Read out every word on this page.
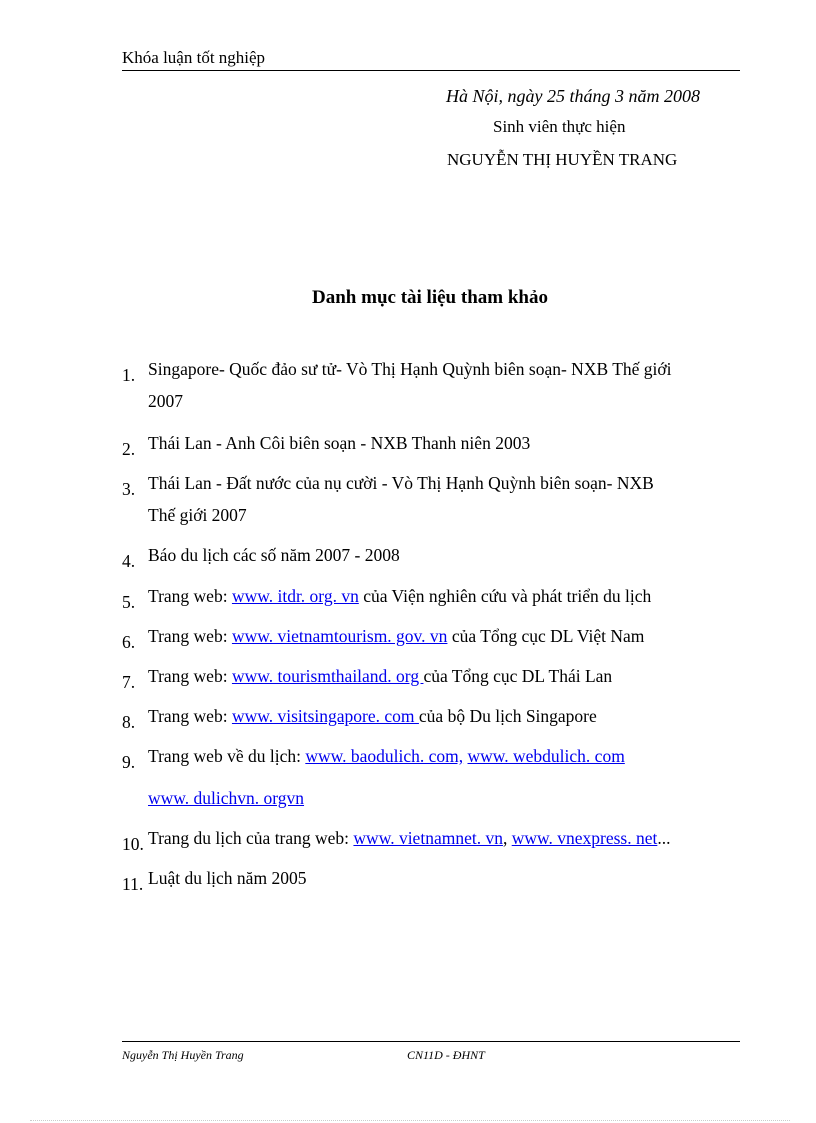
Khóa luận tốt nghiệp
Hà Nội, ngày 25 tháng 3 năm 2008
Sinh viên thực hiện
NGUYỄN THỊ HUYỀN TRANG
Danh mục tài liệu tham khảo
1. Singapore- Quốc đảo sư tử- Vò Thị Hạnh Quỳnh biên soạn- NXB Thế giới
2007
2. Thái Lan - Anh Côi biên soạn - NXB Thanh niên 2003
3. Thái Lan - Đất nước của nụ cười - Vò Thị Hạnh Quỳnh biên soạn- NXB
Thế giới 2007
4. Báo du lịch các số năm 2007 - 2008
5. Trang web: www. itdr. org. vn của Viện nghiên cứu và phát triển du lịch
6. Trang web: www. vietnamtourism. gov. vn của Tổng cục DL Việt Nam
7. Trang web: www. tourismthailand. org của Tổng cục DL Thái Lan
8. Trang web: www. visitsingapore. com của bộ Du lịch Singapore
9. Trang web về du lịch: www. baodulich. com, www. webdulich. com
www. dulichvn. orgvn
10. Trang du lịch của trang web: www. vietnamnet. vn, www. vnexpress. net...
11. Luật du lịch năm 2005
Nguyễn Thị Huyền Trang	CN11D - ĐHNT
